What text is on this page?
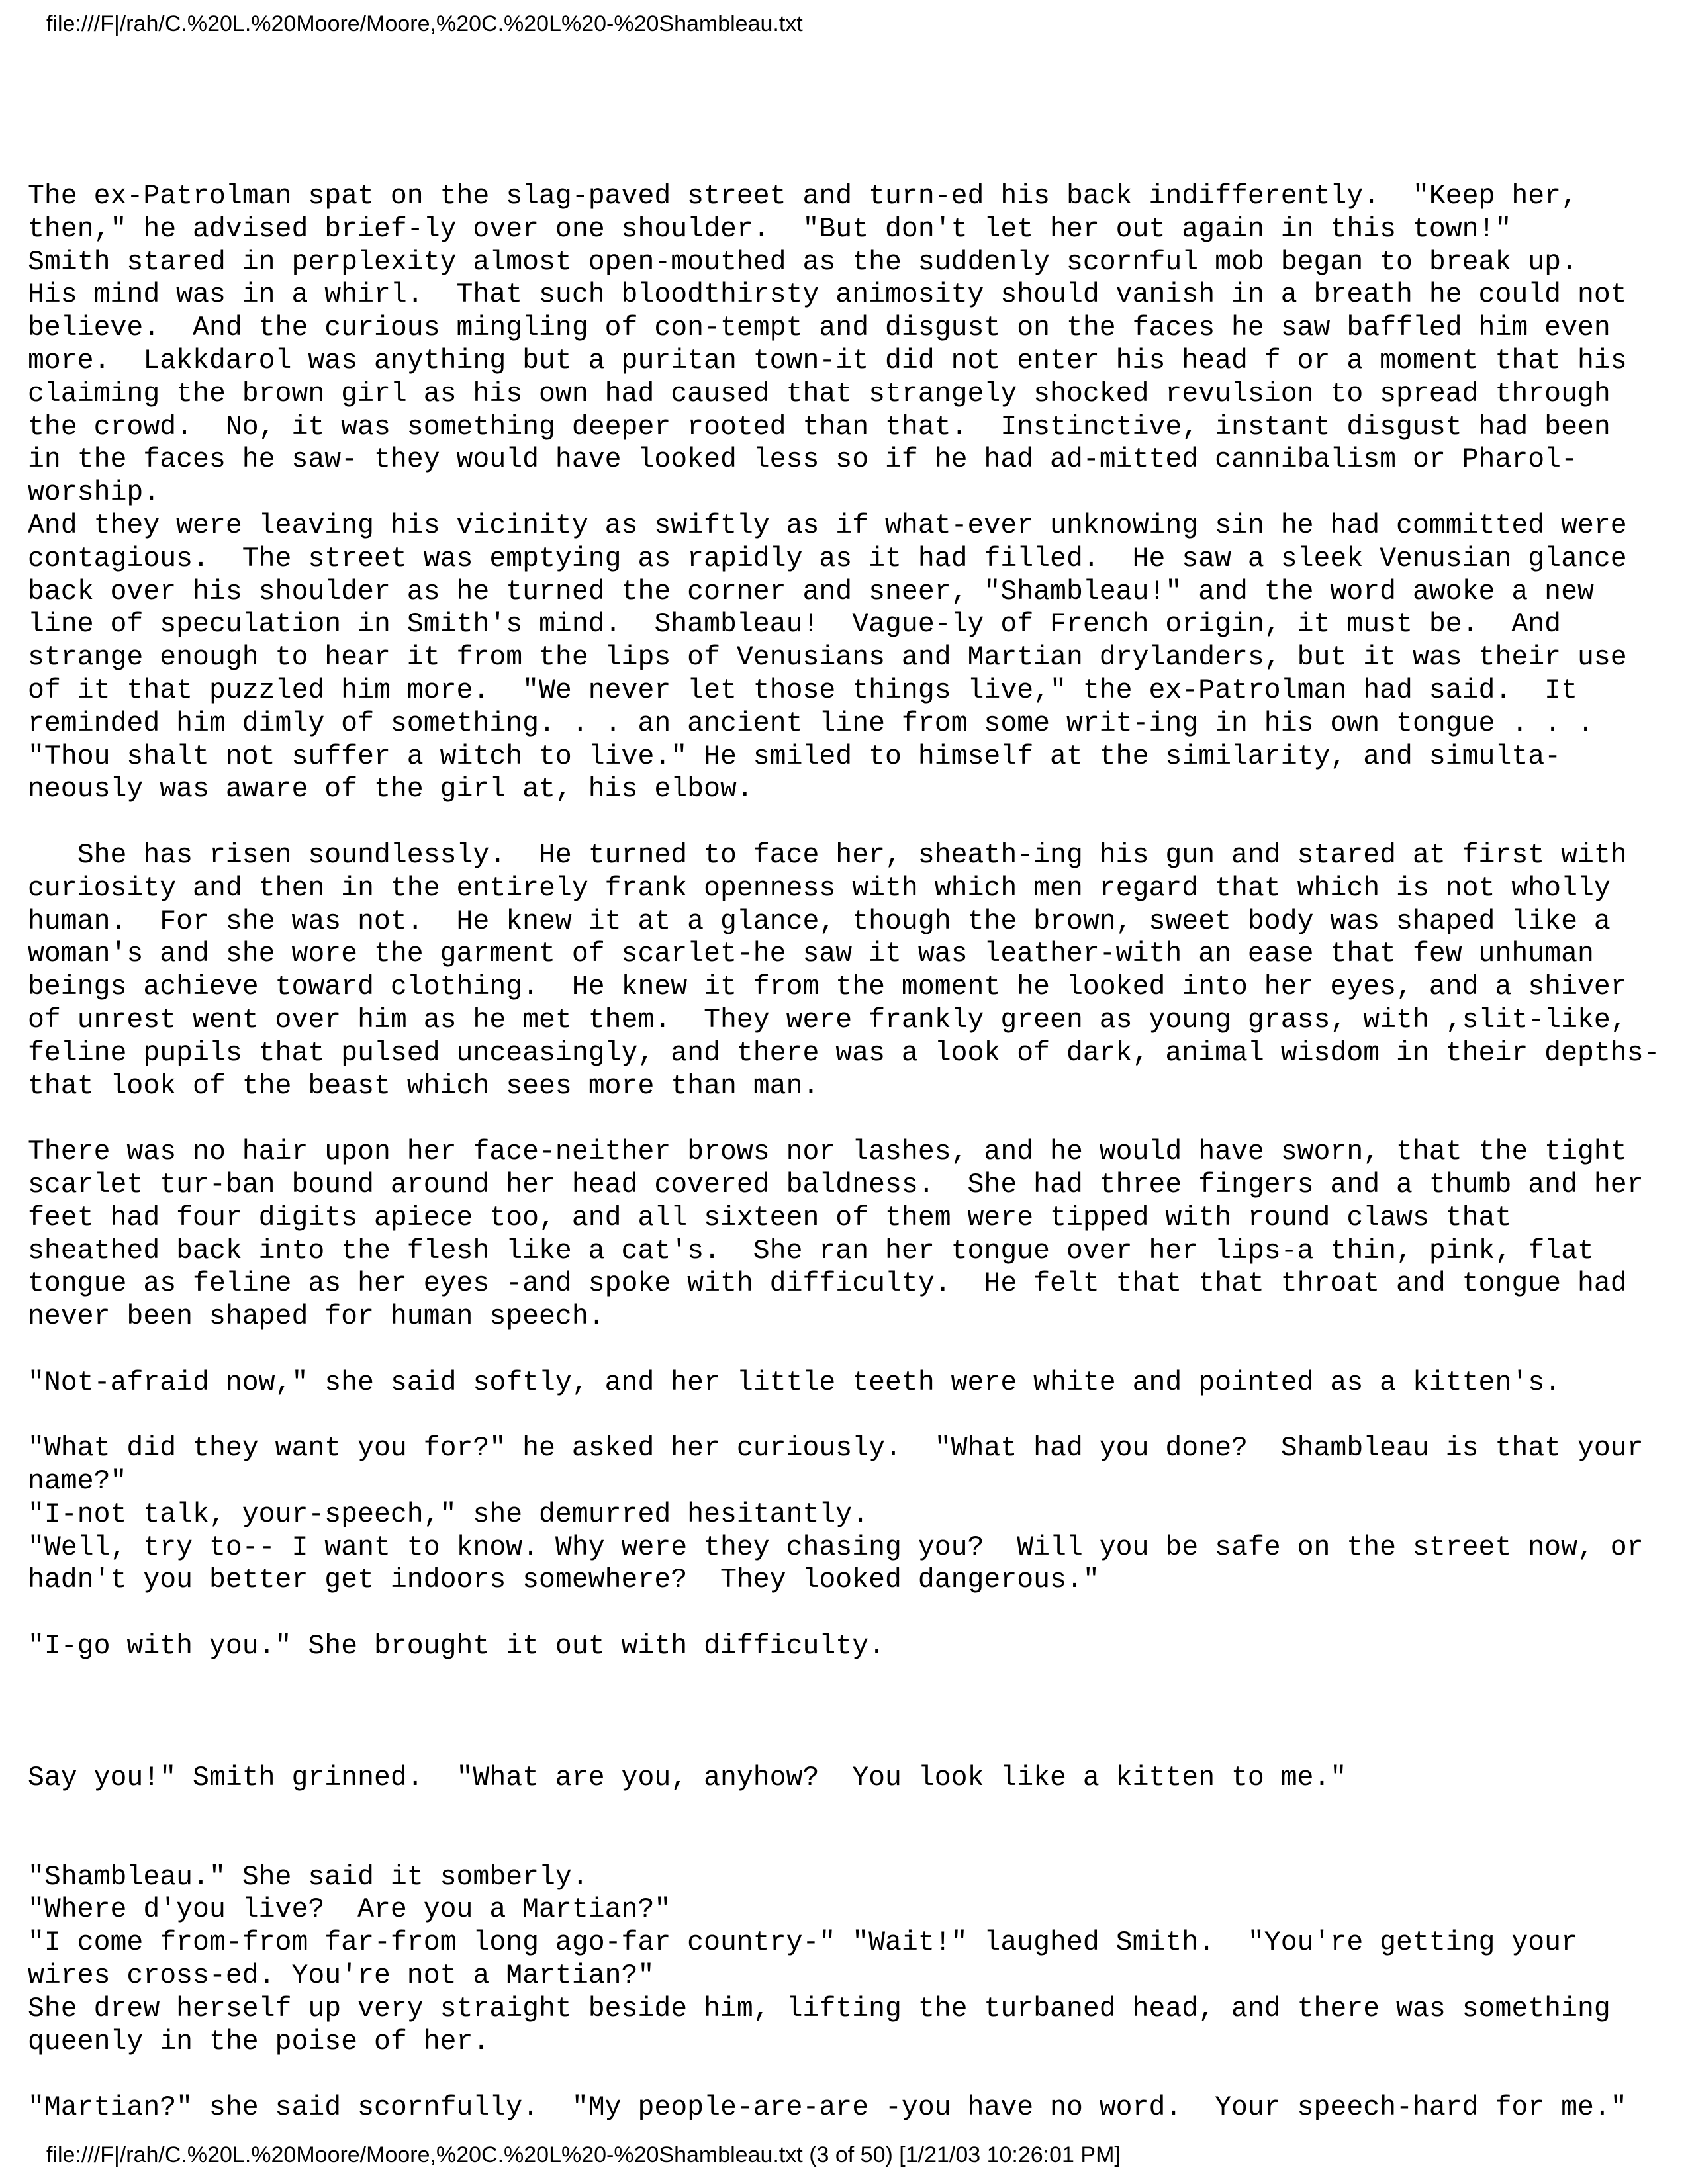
file:///F|/rah/C.%20L.%20Moore/Moore,%20C.%20L%20-%20Shambleau.txt
The ex-Patrolman spat on the slag-paved street and turn-ed his back indifferently.  "Keep her,
then," he advised brief-ly over one shoulder.  "But don't let her out again in this town!"
Smith stared in perplexity almost open-mouthed as the suddenly scornful mob began to break up.
His mind was in a whirl.  That such bloodthirsty animosity should vanish in a breath he could not
believe.  And the curious mingling of con-tempt and disgust on the faces he saw baffled him even
more.  Lakkdarol was anything but a puritan town-it did not enter his head f or a moment that his
claiming the brown girl as his own had caused that strangely shocked revulsion to spread through
the crowd.  No, it was something deeper rooted than that.  Instinctive, instant disgust had been
in the faces he saw- they would have looked less so if he had ad-mitted cannibalism or Pharol-
worship.
And they were leaving his vicinity as swiftly as if what-ever unknowing sin he had committed were
contagious.  The street was emptying as rapidly as it had filled.  He saw a sleek Venusian glance
back over his shoulder as he turned the corner and sneer, "Shambleau!" and the word awoke a new
line of speculation in Smith's mind.  Shambleau!  Vague-ly of French origin, it must be.  And
strange enough to hear it from the lips of Venusians and Martian drylanders, but it was their use
of it that puzzled him more.  "We never let those things live," the ex-Patrolman had said.  It
reminded him dimly of something. . . an ancient line from some writ-ing in his own tongue . . .
"Thou shalt not suffer a witch to live." He smiled to himself at the similarity, and simulta-
neously was aware of the girl at, his elbow.
She has risen soundlessly.  He turned to face her, sheath-ing his gun and stared at first with
curiosity and then in the entirely frank openness with which men regard that which is not wholly
human.  For she was not.  He knew it at a glance, though the brown, sweet body was shaped like a
woman's and she wore the garment of scarlet-he saw it was leather-with an ease that few unhuman
beings achieve toward clothing.  He knew it from the moment he looked into her eyes, and a shiver
of unrest went over him as he met them.  They were frankly green as young grass, with ,slit-like,
feline pupils that pulsed unceasingly, and there was a look of dark, animal wisdom in their depths-
that look of the beast which sees more than man.
There was no hair upon her face-neither brows nor lashes, and he would have sworn, that the tight
scarlet tur-ban bound around her head covered baldness.  She had three fingers and a thumb and her
feet had four digits apiece too, and all sixteen of them were tipped with round claws that
sheathed back into the flesh like a cat's.  She ran her tongue over her lips-a thin, pink, flat
tongue as feline as her eyes -and spoke with difficulty.  He felt that that throat and tongue had
never been shaped for human speech.
"Not-afraid now," she said softly, and her little teeth were white and pointed as a kitten's.
"What did they want you for?" he asked her curiously.  "What had you done?  Shambleau is that your
name?"
"I-not talk, your-speech," she demurred hesitantly.
"Well, try to-- I want to know. Why were they chasing you?  Will you be safe on the street now, or
hadn't you better get indoors somewhere?  They looked dangerous."
"I-go with you." She brought it out with difficulty.
Say you!" Smith grinned.  "What are you, anyhow?  You look like a kitten to me."
"Shambleau." She said it somberly.
"Where d'you live?  Are you a Martian?"
"I come from-from far-from long ago-far country-" "Wait!" laughed Smith.  "You're getting your
wires cross-ed. You're not a Martian?"
She drew herself up very straight beside him, lifting the turbaned head, and there was something
queenly in the poise of her.
"Martian?" she said scornfully.  "My people-are-are -you have no word.  Your speech-hard for me."
file:///F|/rah/C.%20L.%20Moore/Moore,%20C.%20L%20-%20Shambleau.txt (3 of 50) [1/21/03 10:26:01 PM]
